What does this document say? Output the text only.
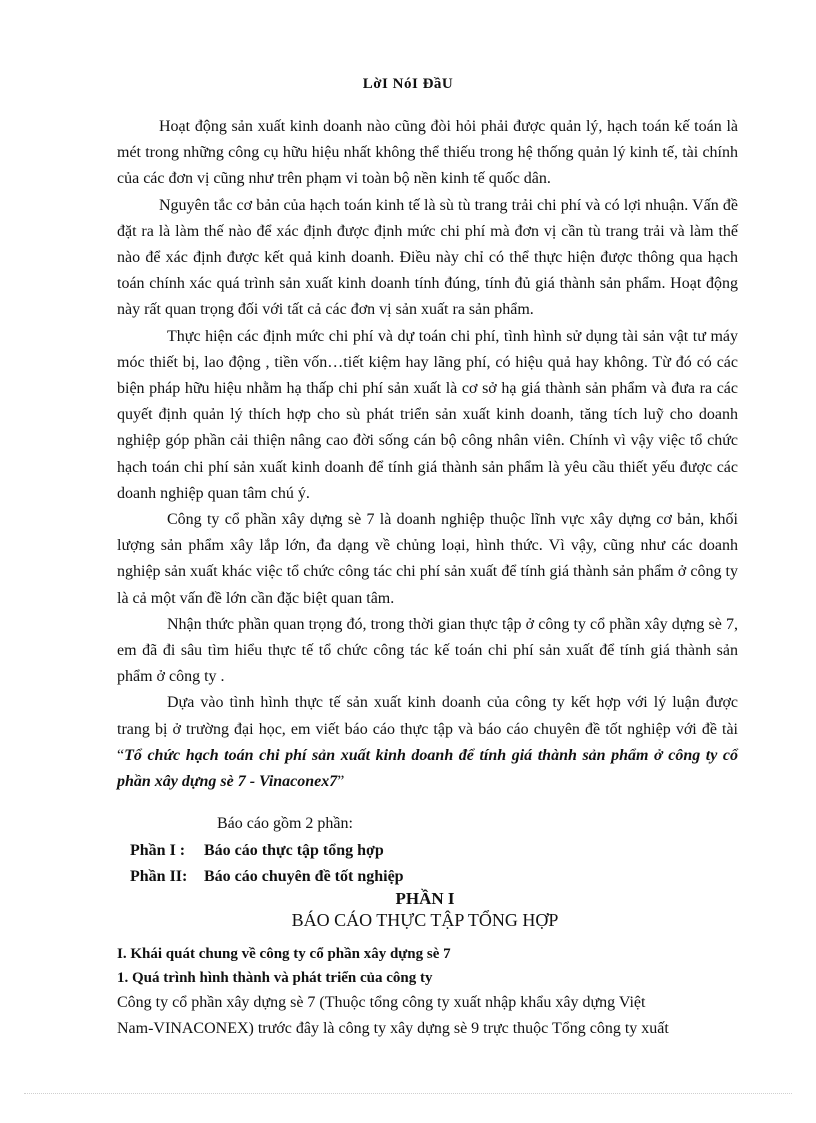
LờI NóI ĐầU

Hoạt động sản xuất kinh doanh nào cũng đòi hỏi phải được quản lý, hạch toán kế toán là mét trong những công cụ hữu hiệu nhất không thể thiếu trong hệ thống quản lý kinh tế, tài chính của các đơn vị cũng như trên phạm vi toàn bộ nền kinh tế quốc dân.

Nguyên tắc cơ bản của hạch toán kinh tế là sù tù trang trải chi phí và có lợi nhuận. Vấn đề đặt ra là làm thế nào để xác định được định mức chi phí mà đơn vị cần tù trang trải và làm thế nào để xác định được kết quả kinh doanh. Điều này chỉ có thể thực hiện được thông qua hạch toán chính xác quá trình sản xuất kinh doanh tính đúng, tính đủ giá thành sản phẩm. Hoạt động này rất quan trọng đối với tất cả các đơn vị sản xuất ra sản phẩm.

Thực hiện các định mức chi phí và dự toán chi phí, tình hình sử dụng tài sản vật tư máy móc thiết bị, lao động , tiền vốn…tiết kiệm hay lãng phí, có hiệu quả hay không. Từ đó có các biện pháp hữu hiệu nhằm hạ thấp chi phí sản xuất là cơ sở hạ giá thành sản phẩm và đưa ra các quyết định quản lý thích hợp cho sù phát triển sản xuất kinh doanh, tăng tích luỹ cho doanh nghiệp góp phần cải thiện nâng cao đời sống cán bộ công nhân viên. Chính vì vậy việc tổ chức hạch toán chi phí sản xuất kinh doanh để tính giá thành sản phẩm là yêu cầu thiết yếu được các doanh nghiệp quan tâm chú ý.

Công ty cổ phần xây dựng sè 7 là doanh nghiệp thuộc lĩnh vực xây dựng cơ bản, khối lượng sản phẩm xây lắp lớn, đa dạng về chủng loại, hình thức. Vì vậy, cũng như các doanh nghiệp sản xuất khác việc tổ chức công tác chi phí sản xuất để tính giá thành sản phẩm ở công ty là cả một vấn đề lớn cần đặc biệt quan tâm.

Nhận thức phần quan trọng đó, trong thời gian thực tập ở công ty cổ phần xây dựng sè 7, em đã đi sâu tìm hiểu thực tế tổ chức công tác kế toán chi phí sản xuất để tính giá thành sản phẩm ở công ty .

Dựa vào tình hình thực tế sản xuất kinh doanh của công ty kết hợp với lý luận được trang bị ở trường đại học, em viết báo cáo thực tập và báo cáo chuyên đề tốt nghiệp với đề tài “Tổ chức hạch toán chi phí sản xuất kinh doanh để tính giá thành sản phẩm ở công ty cổ phần xây dựng sè 7 - Vinaconex7”

Báo cáo gồm 2 phần:
Phần I : Báo cáo thực tập tổng hợp
Phần II: Báo cáo chuyên đề tốt nghiệp
PHẦN I
BÁO CÁO THỰC TẬP TỔNG HỢP
I. Khái quát chung về công ty cổ phần xây dựng sè 7
1. Quá trình hình thành và phát triển của công ty

Công ty cổ phần xây dựng sè 7 (Thuộc tổng công ty xuất nhập khẩu xây dựng Việt

Nam-VINACONEX) trước đây là công ty xây dựng sè 9 trực thuộc Tổng công ty xuất
